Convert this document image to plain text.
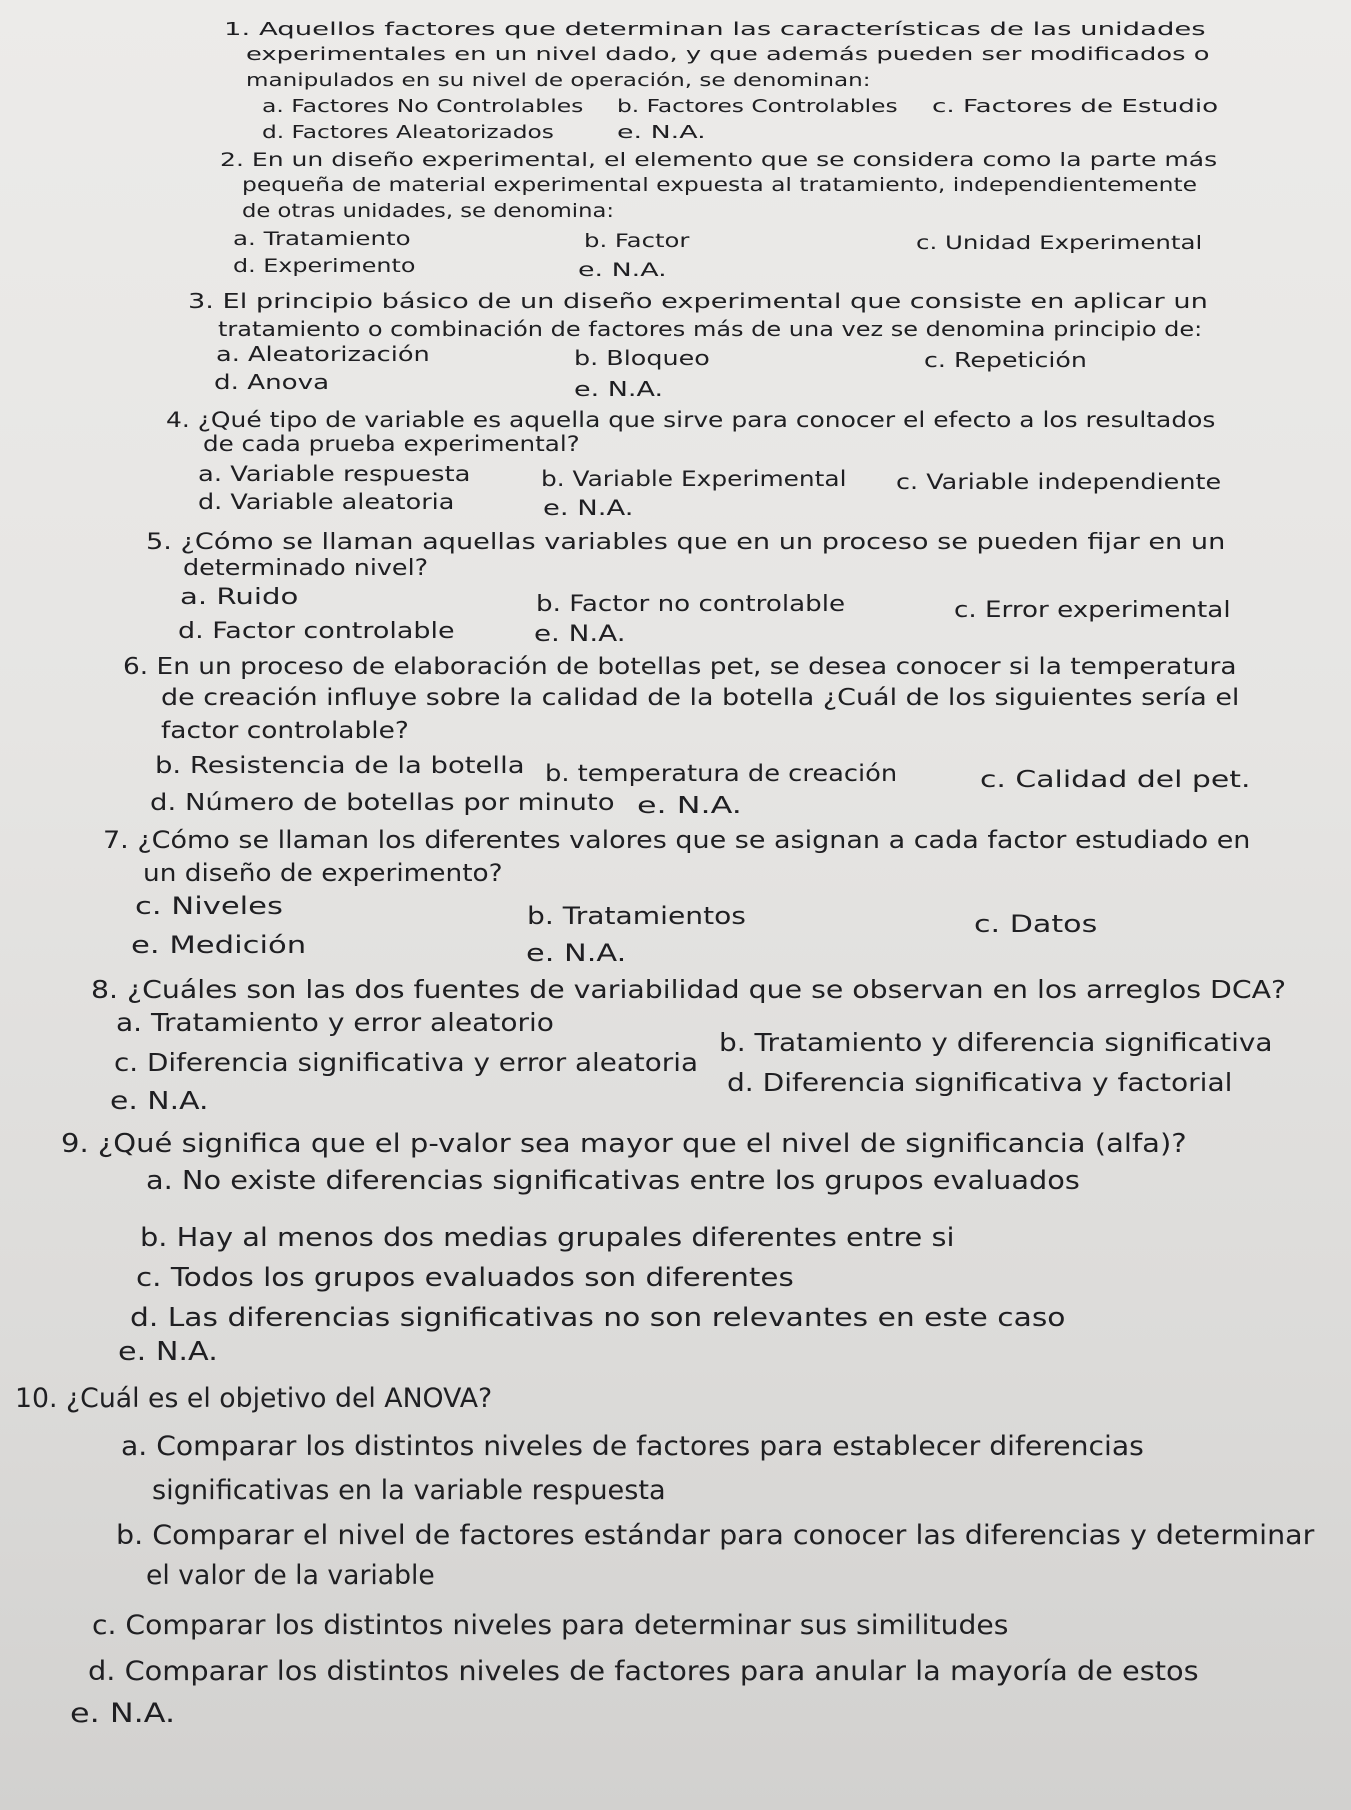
1. Aquellos factores que determinan las características de las unidades
experimentales en un nivel dado, y que además pueden ser modificados o
manipulados en su nivel de operación, se denominan:
a. Factores No Controlables b. Factores Controlables c. Factores de Estudio
d. Factores Aleatorizados	e. N.A.
2. En un diseño experimental, el elemento que se considera como la parte más
pequeña de material experimental expuesta al tratamiento, independientemente
de otras unidades, se denomina:
a. Tratamiento	b. Factor	c. Unidad Experimental
d. Experimento	e. N.A.
3. El principio básico de un diseño experimental que consiste en aplicar un
tratamiento o combinación de factores más de una vez se denomina principio de:
a. Aleatorización	b. Bloqueo	c. Repetición
d. Anova	e. N.A.
4. ¿Qué tipo de variable es aquella que sirve para conocer el efecto a los resultados
de cada prueba experimental?
a. Variable respuesta	b. Variable Experimental c. Variable independiente
d. Variable aleatoria	e. N.A.
5. ¿Cómo se llaman aquellas variables que en un proceso se pueden fijar en un
determinado nivel?
a. Ruido	b. Factor no controlable	c. Error experimental
d. Factor controlable	e. N.A.
6. En un proceso de elaboración de botellas pet, se desea conocer si la temperatura
de creación influye sobre la calidad de la botella ¿Cuál de los siguientes sería el
factor controlable?
b. Resistencia de la botella b. temperatura de creación	c. Calidad del pet.
d. Número de botellas por minuto e. N.A.
7. ¿Cómo se llaman los diferentes valores que se asignan a cada factor estudiado en
un diseño de experimento?
c. Niveles	b. Tratamientos	c. Datos
e. Medición	e. N.A.
8. ¿Cuáles son las dos fuentes de variabilidad que se observan en los arreglos DCA?
a. Tratamiento y error aleatorio
b. Tratamiento y diferencia significativa
c. Diferencia significativa y error aleatoria
d. Diferencia significativa y factorial
e. N.A.
9. ¿Qué significa que el p-valor sea mayor que el nivel de significancia (alfa)?
a. No existe diferencias significativas entre los grupos evaluados
b. Hay al menos dos medias grupales diferentes entre si
c. Todos los grupos evaluados son diferentes
d. Las diferencias significativas no son relevantes en este caso
e. N.A.
10. ¿Cuál es el objetivo del ANOVA?
a. Comparar los distintos niveles de factores para establecer diferencias
significativas en la variable respuesta
b. Comparar el nivel de factores estándar para conocer las diferencias y determinar
el valor de la variable
c. Comparar los distintos niveles para determinar sus similitudes
d. Comparar los distintos niveles de factores para anular la mayoría de estos
e. N.A.
